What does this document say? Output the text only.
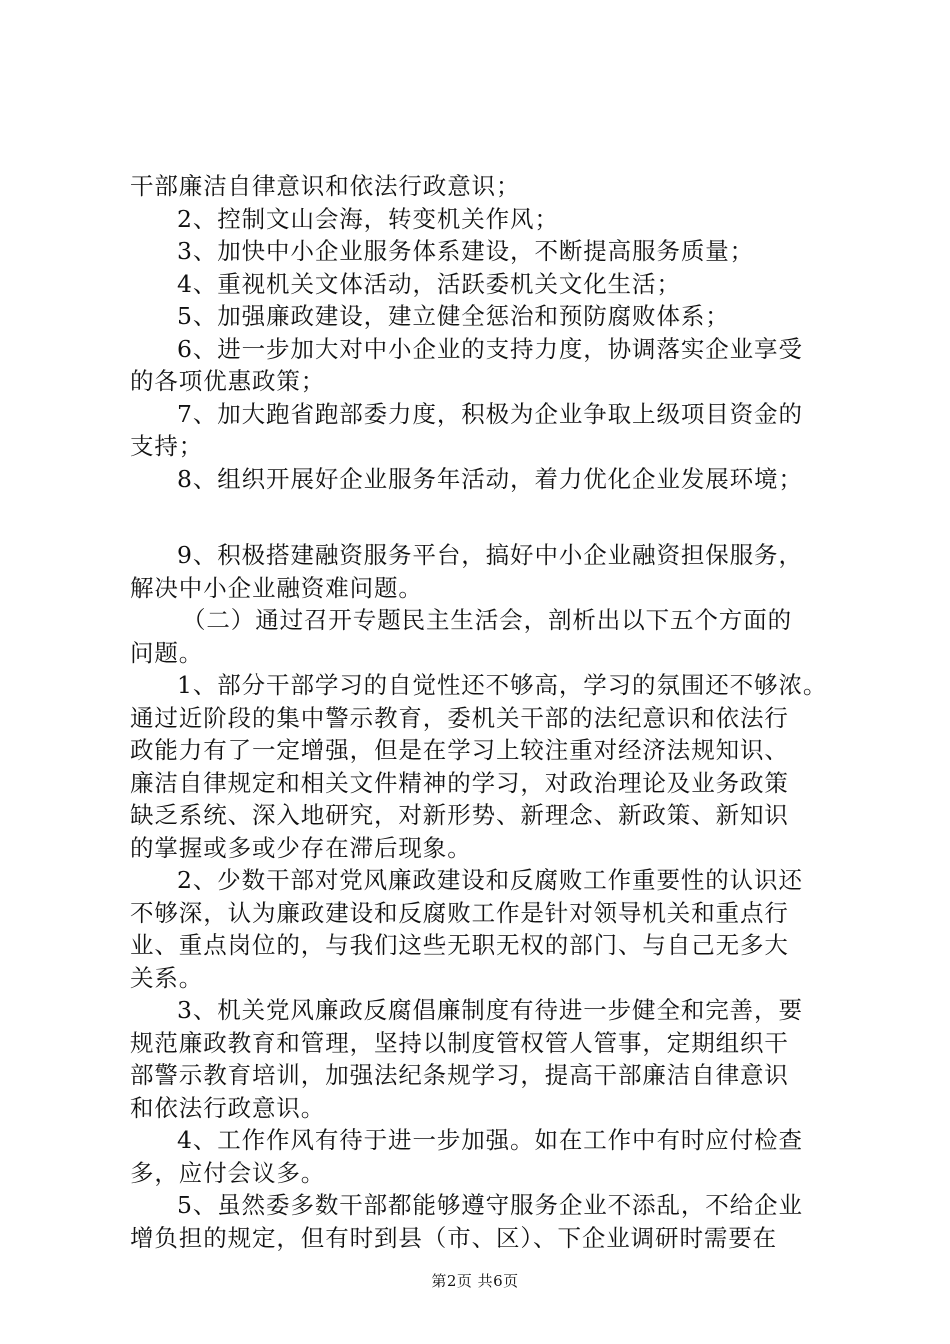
干部廉洁自律意识和依法行政意识；
2、控制文山会海，转变机关作风；
3、加快中小企业服务体系建设，不断提高服务质量；
4、重视机关文体活动，活跃委机关文化生活；
5、加强廉政建设，建立健全惩治和预防腐败体系；
6、进一步加大对中小企业的支持力度，协调落实企业享受
的各项优惠政策；
7、加大跑省跑部委力度，积极为企业争取上级项目资金的
支持；
8、组织开展好企业服务年活动，着力优化企业发展环境；
9、积极搭建融资服务平台，搞好中小企业融资担保服务，
解决中小企业融资难问题。
（二）通过召开专题民主生活会，剖析出以下五个方面的
问题。
1、部分干部学习的自觉性还不够高，学习的氛围还不够浓。
通过近阶段的集中警示教育，委机关干部的法纪意识和依法行
政能力有了一定增强，但是在学习上较注重对经济法规知识、
廉洁自律规定和相关文件精神的学习，对政治理论及业务政策
缺乏系统、深入地研究，对新形势、新理念、新政策、新知识
的掌握或多或少存在滞后现象。
2、少数干部对党风廉政建设和反腐败工作重要性的认识还
不够深，认为廉政建设和反腐败工作是针对领导机关和重点行
业、重点岗位的，与我们这些无职无权的部门、与自己无多大
关系。
3、机关党风廉政反腐倡廉制度有待进一步健全和完善，要
规范廉政教育和管理，坚持以制度管权管人管事，定期组织干
部警示教育培训，加强法纪条规学习，提高干部廉洁自律意识
和依法行政意识。
4、工作作风有待于进一步加强。如在工作中有时应付检查
多，应付会议多。
5、虽然委多数干部都能够遵守服务企业不添乱，不给企业
增负担的规定，但有时到县（市、区）、下企业调研时需要在
第2页 共6页
